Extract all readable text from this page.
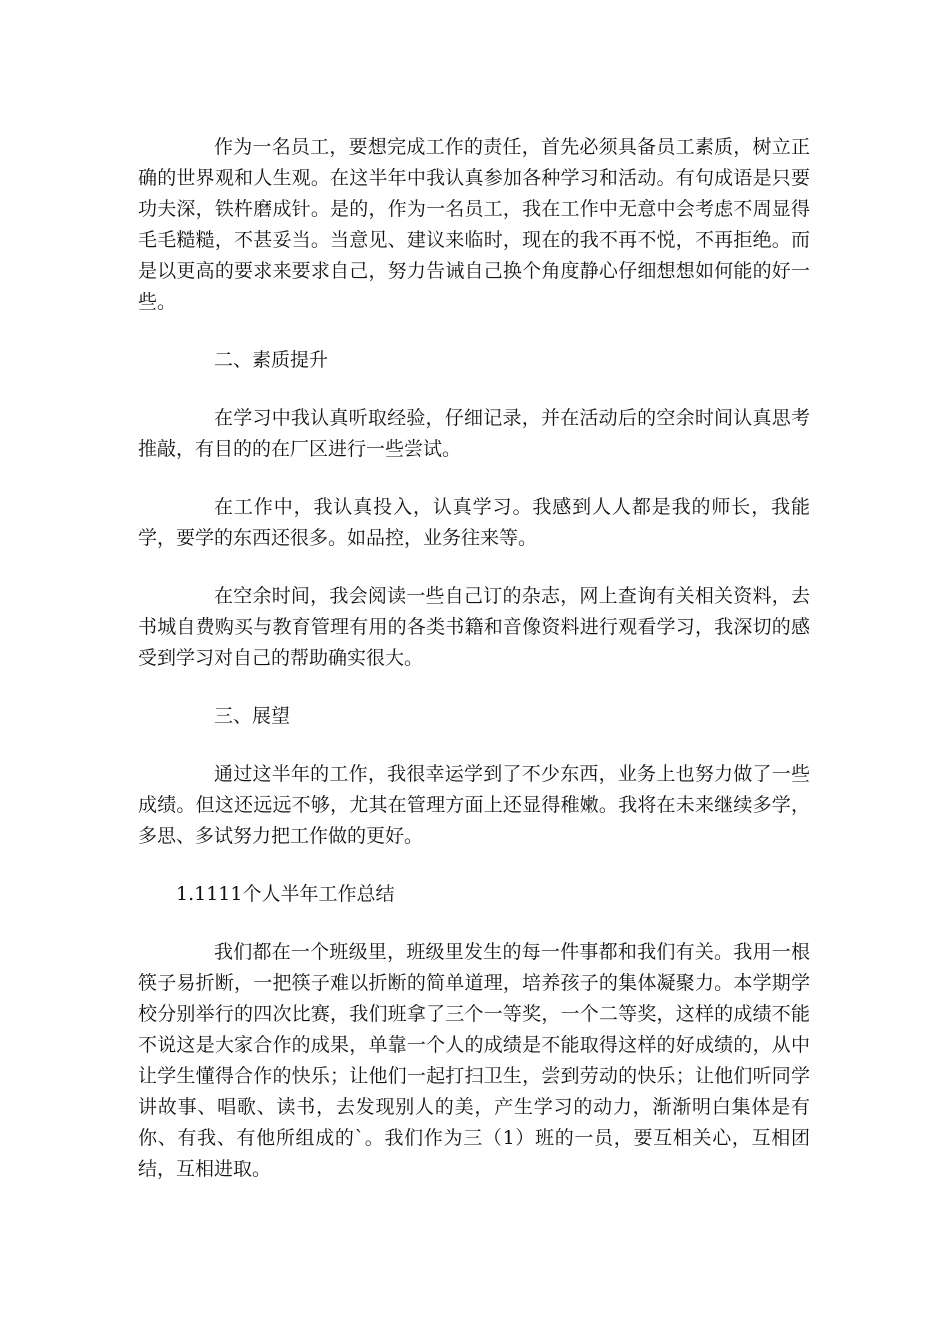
作为一名员工，要想完成工作的责任，首先必须具备员工素质，树立正确的世界观和人生观。在这半年中我认真参加各种学习和活动。有句成语是只要功夫深，铁杵磨成针。是的，作为一名员工，我在工作中无意中会考虑不周显得毛毛糙糙，不甚妥当。当意见、建议来临时，现在的我不再不悦，不再拒绝。而是以更高的要求来要求自己，努力告诫自己换个角度静心仔细想想如何能的好一些。

二、素质提升

在学习中我认真听取经验，仔细记录，并在活动后的空余时间认真思考推敲，有目的的在厂区进行一些尝试。

在工作中，我认真投入，认真学习。我感到人人都是我的师长，我能学，要学的东西还很多。如品控，业务往来等。

在空余时间，我会阅读一些自己订的杂志，网上查询有关相关资料，去书城自费购买与教育管理有用的各类书籍和音像资料进行观看学习，我深切的感受到学习对自己的帮助确实很大。

三、展望

通过这半年的工作，我很幸运学到了不少东西，业务上也努力做了一些成绩。但这还远远不够，尤其在管理方面上还显得稚嫩。我将在未来继续多学，多思、多试努力把工作做的更好。

1.1111个人半年工作总结

我们都在一个班级里，班级里发生的每一件事都和我们有关。我用一根筷子易折断，一把筷子难以折断的简单道理，培养孩子的集体凝聚力。本学期学校分别举行的四次比赛，我们班拿了三个一等奖，一个二等奖，这样的成绩不能不说这是大家合作的成果，单靠一个人的成绩是不能取得这样的好成绩的，从中让学生懂得合作的快乐；让他们一起打扫卫生，尝到劳动的快乐；让他们听同学讲故事、唱歌、读书，去发现别人的美，产生学习的动力，渐渐明白集体是有你、有我、有他所组成的`。我们作为三（1）班的一员，要互相关心，互相团结，互相进取。
